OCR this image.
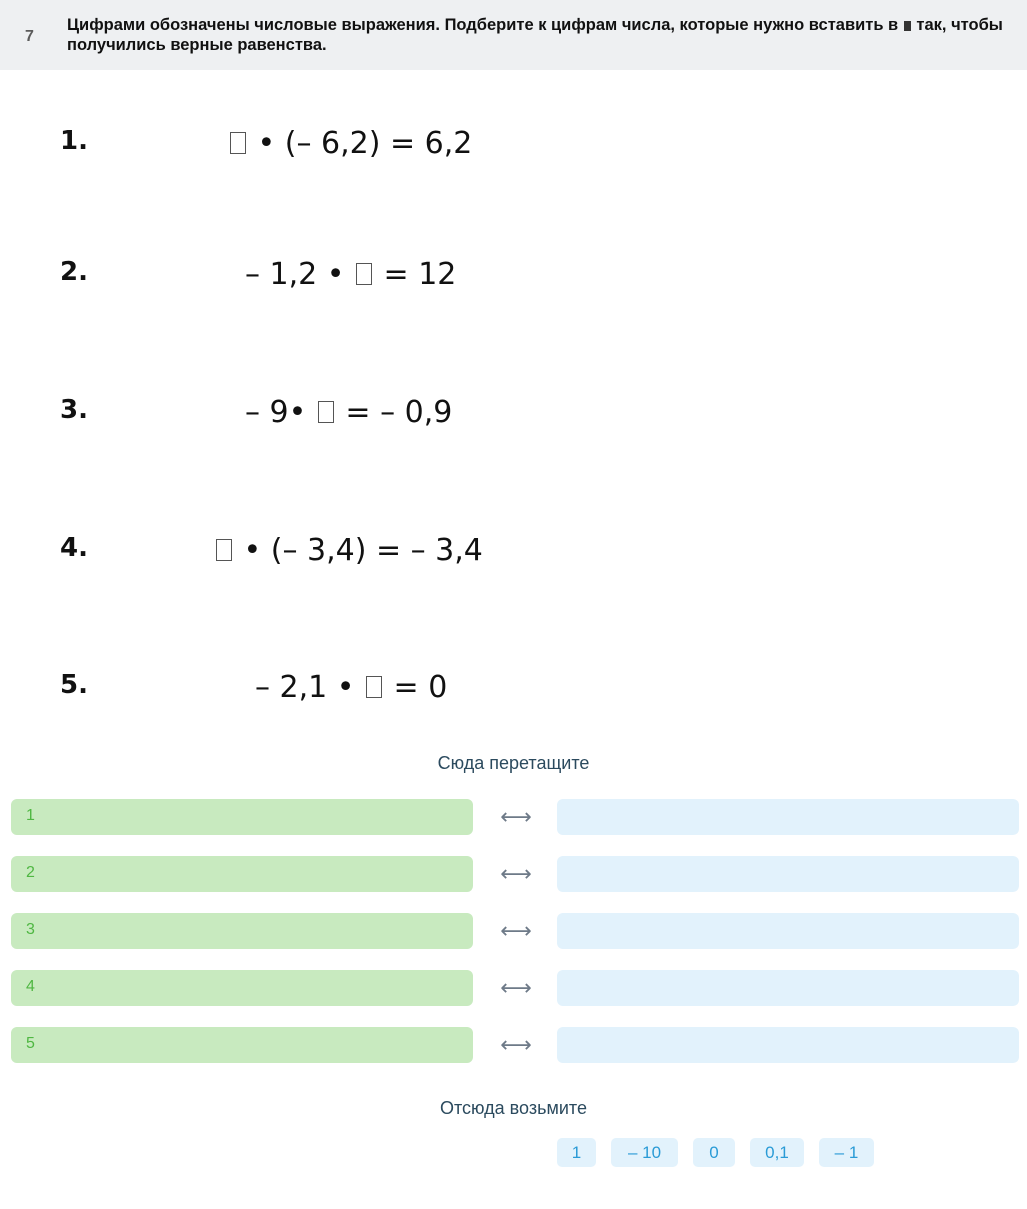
7
Цифрами обозначены числовые выражения. Подберите к цифрам числа, которые нужно вставить в так, чтобы получились верные равенства.
1.	• (– 6,2) = 6,2
2.	– 1,2 •  = 12
3.	– 9•  = – 0,9
4.	• (– 3,4) = – 3,4
5.	– 2,1 •  = 0
Сюда перетащите
1	⟷
2	⟷
3	⟷
4	⟷
5	⟷
Отсюда возьмите
1	– 10	0	0,1	– 1
